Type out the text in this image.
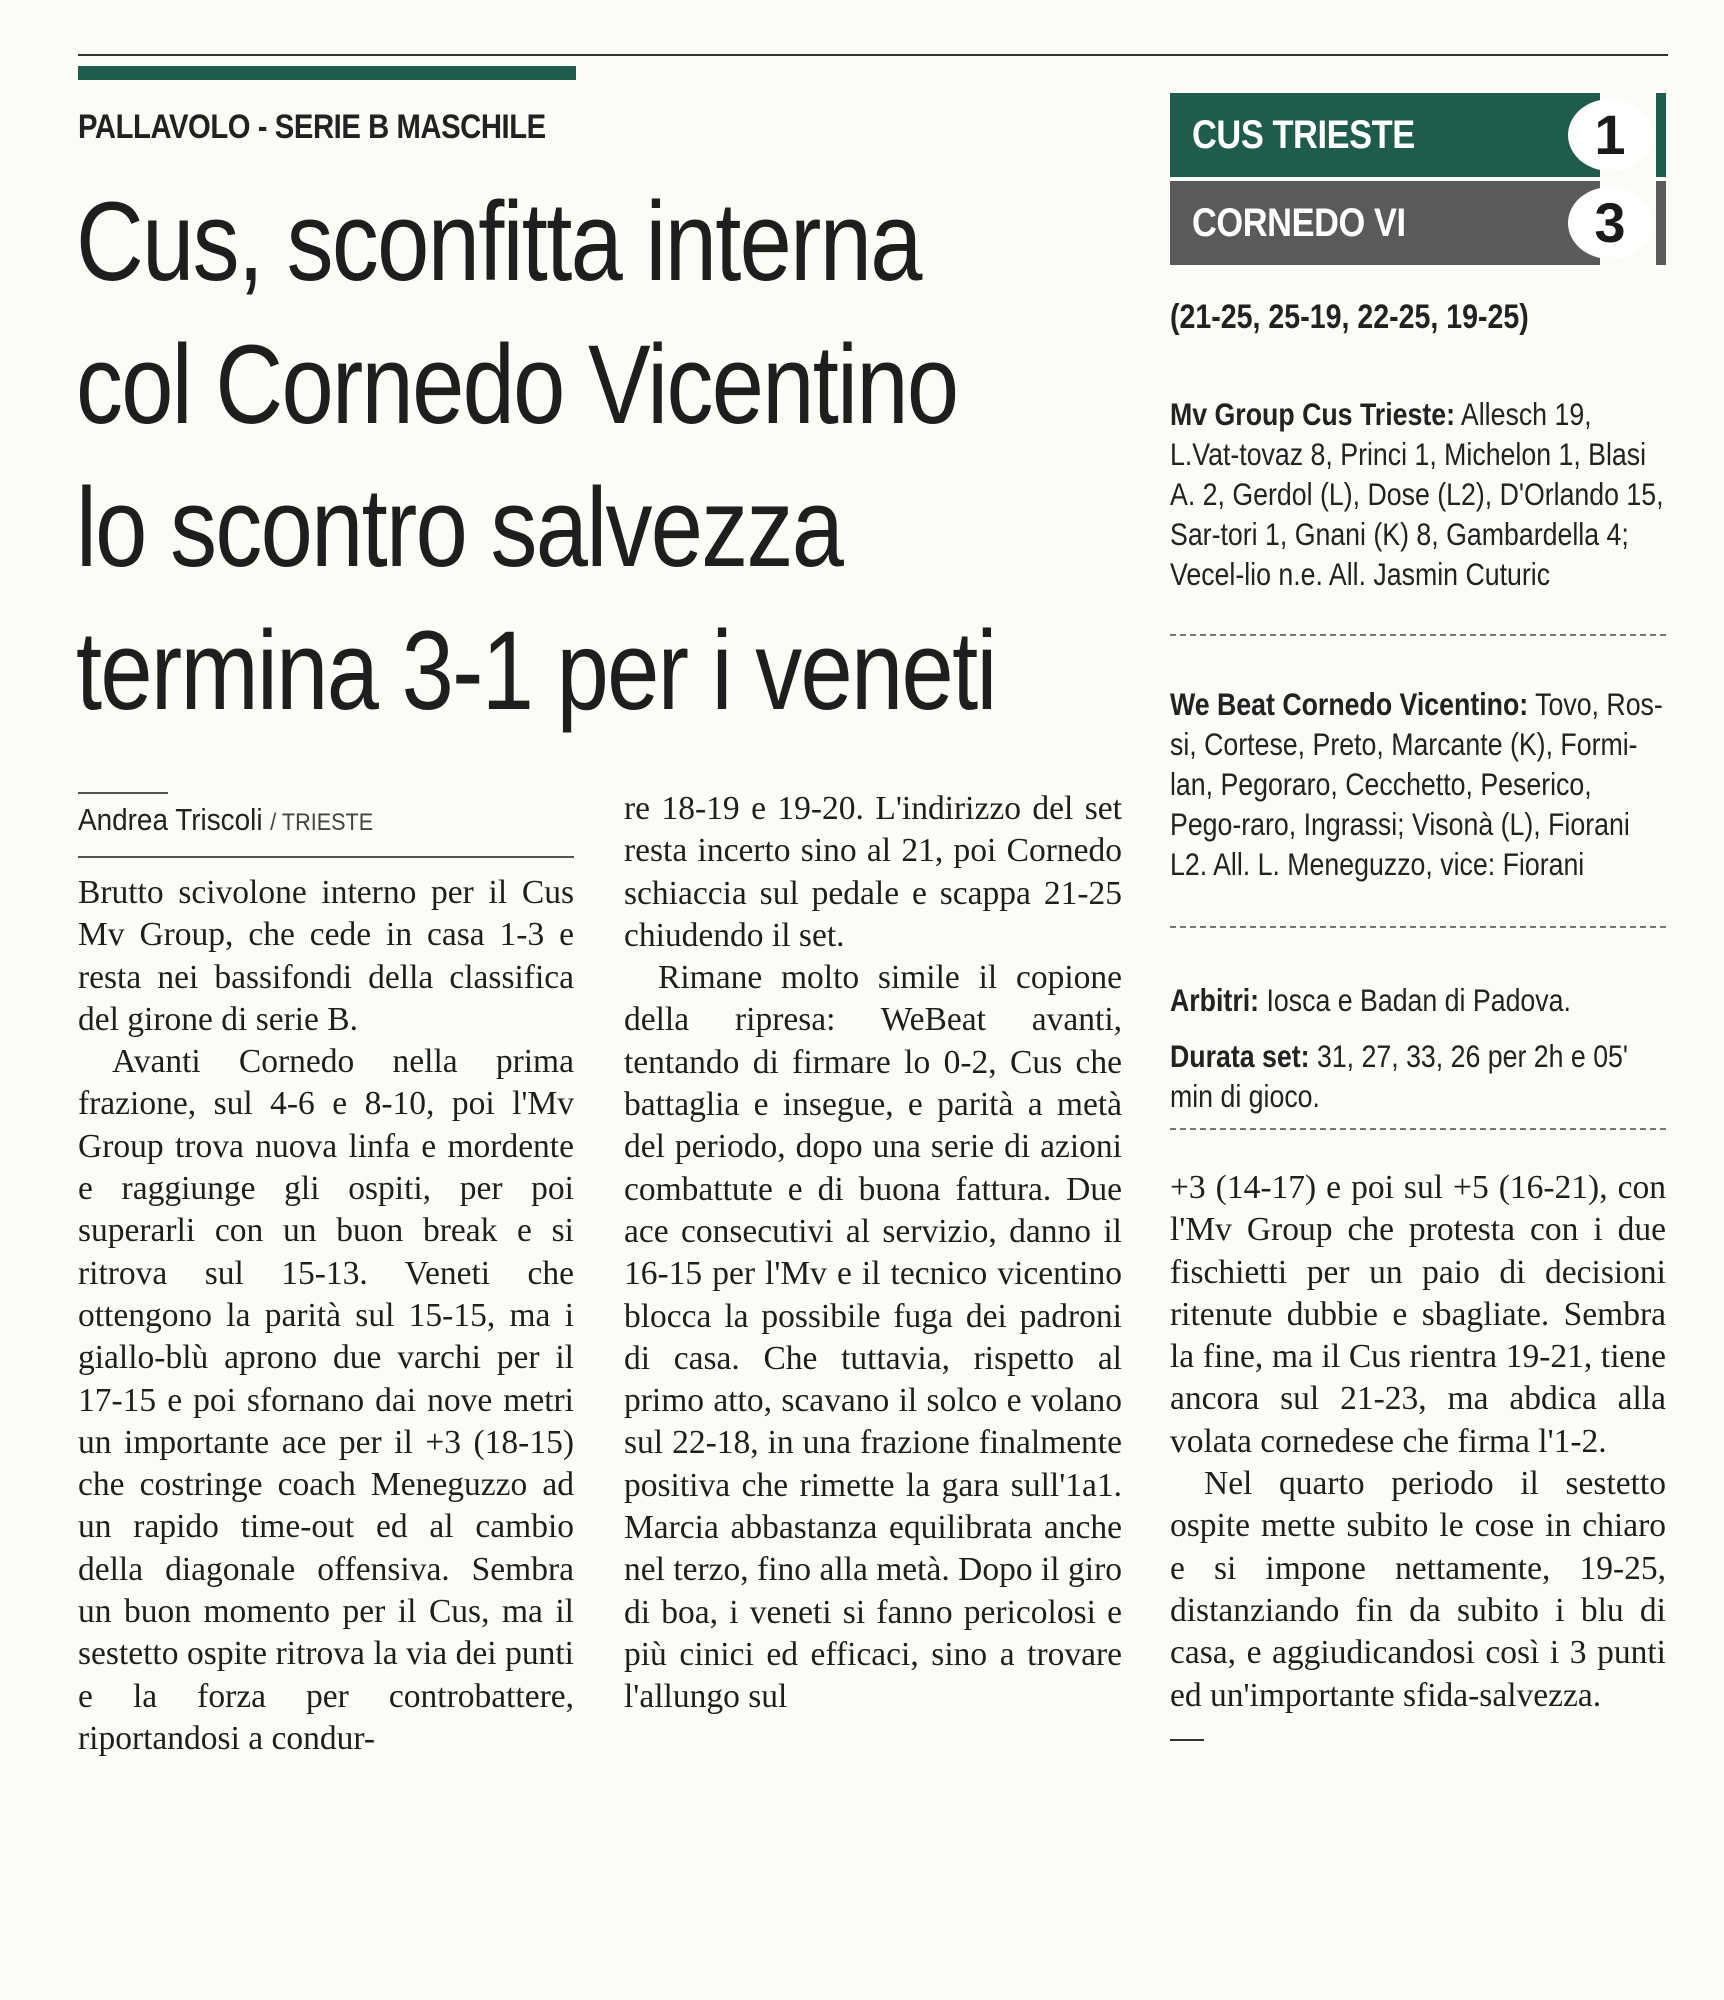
PALLAVOLO - SERIE B MASCHILE
Cus, sconfitta interna
col Cornedo Vicentino
lo scontro salvezza
termina 3-1 per i veneti
Andrea Triscoli / TRIESTE

Brutto scivolone interno per il Cus Mv Group, che cede in casa 1-3 e resta nei bassifondi della classifica del girone di serie B.

Avanti Cornedo nella prima frazione, sul 4-6 e 8-10, poi l'Mv Group trova nuova linfa e mordente e raggiunge gli ospiti, per poi superarli con un buon break e si ritrova sul 15-13. Veneti che ottengono la parità sul 15-15, ma i giallo-blù aprono due varchi per il 17-15 e poi sfornano dai nove metri un importante ace per il +3 (18-15) che costringe coach Meneguzzo ad un rapido time-out ed al cambio della diagonale offensiva. Sembra un buon momento per il Cus, ma il sestetto ospite ritrova la via dei punti e la forza per controbattere, riportandosi a condur-

re 18-19 e 19-20. L'indirizzo del set resta incerto sino al 21, poi Cornedo schiaccia sul pedale e scappa 21-25 chiudendo il set.

Rimane molto simile il copione della ripresa: WeBeat avanti, tentando di firmare lo 0-2, Cus che battaglia e insegue, e parità a metà del periodo, dopo una serie di azioni combattute e di buona fattura. Due ace consecutivi al servizio, danno il 16-15 per l'Mv e il tecnico vicentino blocca la possibile fuga dei padroni di casa. Che tuttavia, rispetto al primo atto, scavano il solco e volano sul 22-18, in una frazione finalmente positiva che rimette la gara sull'1a1. Marcia abbastanza equilibrata anche nel terzo, fino alla metà. Dopo il giro di boa, i veneti si fanno pericolosi e più cinici ed efficaci, sino a trovare l'allungo sul

+3 (14-17) e poi sul +5 (16-21), con l'Mv Group che protesta con i due fischietti per un paio di decisioni ritenute dubbie e sbagliate. Sembra la fine, ma il Cus rientra 19-21, tiene ancora sul 21-23, ma abdica alla volata cornedese che firma l'1-2.

Nel quarto periodo il sestetto ospite mette subito le cose in chiaro e si impone nettamente, 19-25, distanziando fin da subito i blu di casa, e aggiudicandosi così i 3 punti ed un'importante sfida-salvezza.

CUS TRIESTE	1
CORNEDO VI	3
(21-25, 25-19, 22-25, 19-25)
Mv Group Cus Trieste: Allesch 19, L.Vat-tovaz 8, Princi 1, Michelon 1, Blasi A. 2, Gerdol (L), Dose (L2), D'Orlando 15, Sar-tori 1, Gnani (K) 8, Gambardella 4; Vecel-lio n.e. All. Jasmin Cuturic
We Beat Cornedo Vicentino: Tovo, Ros-si, Cortese, Preto, Marcante (K), Formi-lan, Pegoraro, Cecchetto, Peserico, Pego-raro, Ingrassi; Visonà (L), Fiorani L2. All. L. Meneguzzo, vice: Fiorani
Arbitri: Iosca e Badan di Padova.
Durata set: 31, 27, 33, 26 per 2h e 05' min di gioco.
